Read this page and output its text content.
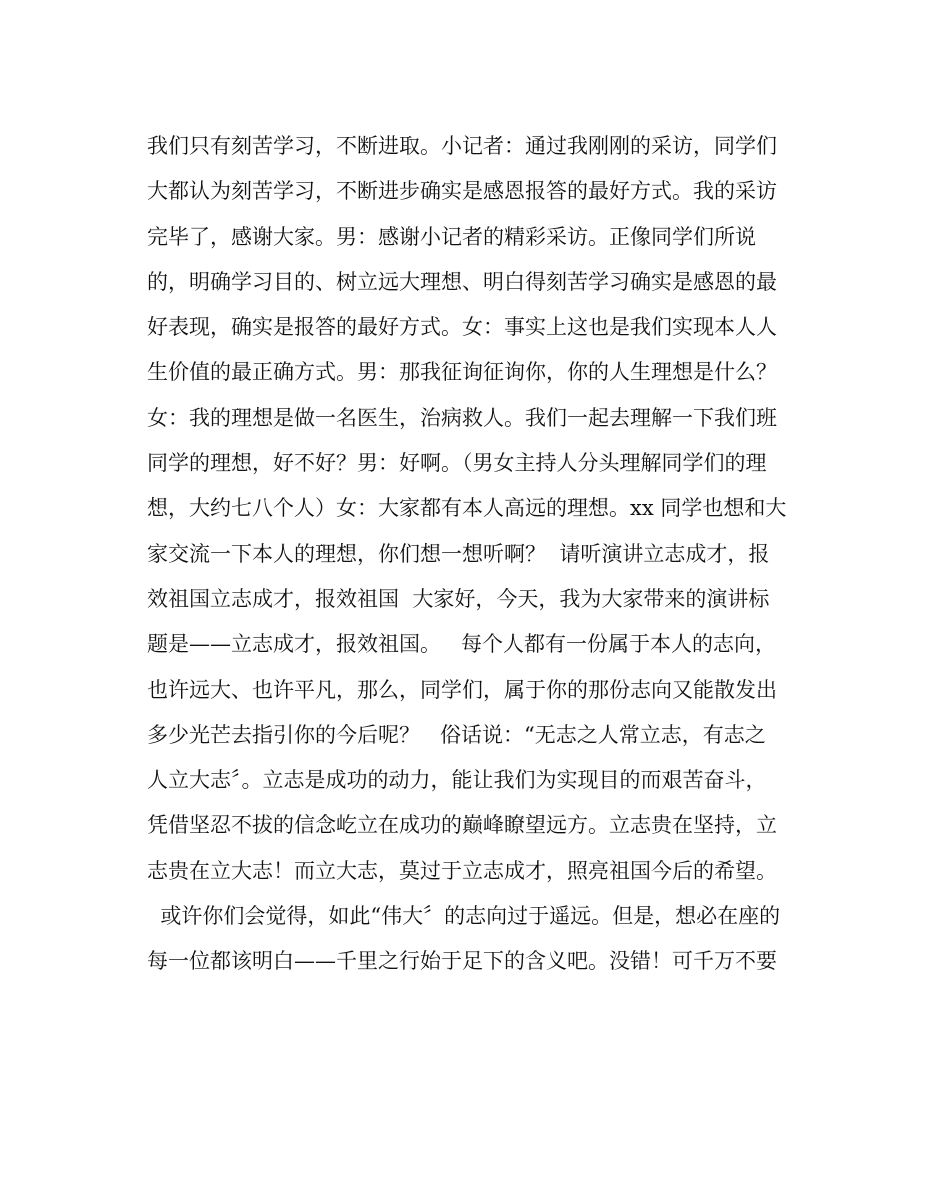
我们只有刻苦学习，不断进取。小记者：通过我刚刚的采访，同学们
大都认为刻苦学习，不断进步确实是感恩报答的最好方式。我的采访
完毕了，感谢大家。男：感谢小记者的精彩采访。正像同学们所说
的，明确学习目的、树立远大理想、明白得刻苦学习确实是感恩的最
好表现，确实是报答的最好方式。女：事实上这也是我们实现本人人
生价值的最正确方式。男：那我征询征询你，你的人生理想是什么？
女：我的理想是做一名医生，治病救人。我们一起去理解一下我们班
同学的理想，好不好？男：好啊。（男女主持人分头理解同学们的理
想，大约七八个人）女：大家都有本人高远的理想。xx 同学也想和大
家交流一下本人的理想，你们想一想听啊？  请听演讲立志成才，报
效祖国立志成才，报效祖国  大家好，今天，我为大家带来的演讲标
题是——立志成才，报效祖国。   每个人都有一份属于本人的志向，
也许远大、也许平凡，那么，同学们，属于你的那份志向又能散发出
多少光芒去指引你的今后呢？   俗话说：“无志之人常立志，有志之
人立大志〞。立志是成功的动力，能让我们为实现目的而艰苦奋斗，
凭借坚忍不拔的信念屹立在成功的巅峰瞭望远方。立志贵在坚持，立
志贵在立大志！而立大志，莫过于立志成才，照亮祖国今后的希望。
或许你们会觉得，如此“伟大〞的志向过于遥远。但是，想必在座的
每一位都该明白——千里之行始于足下的含义吧。没错！可千万不要
